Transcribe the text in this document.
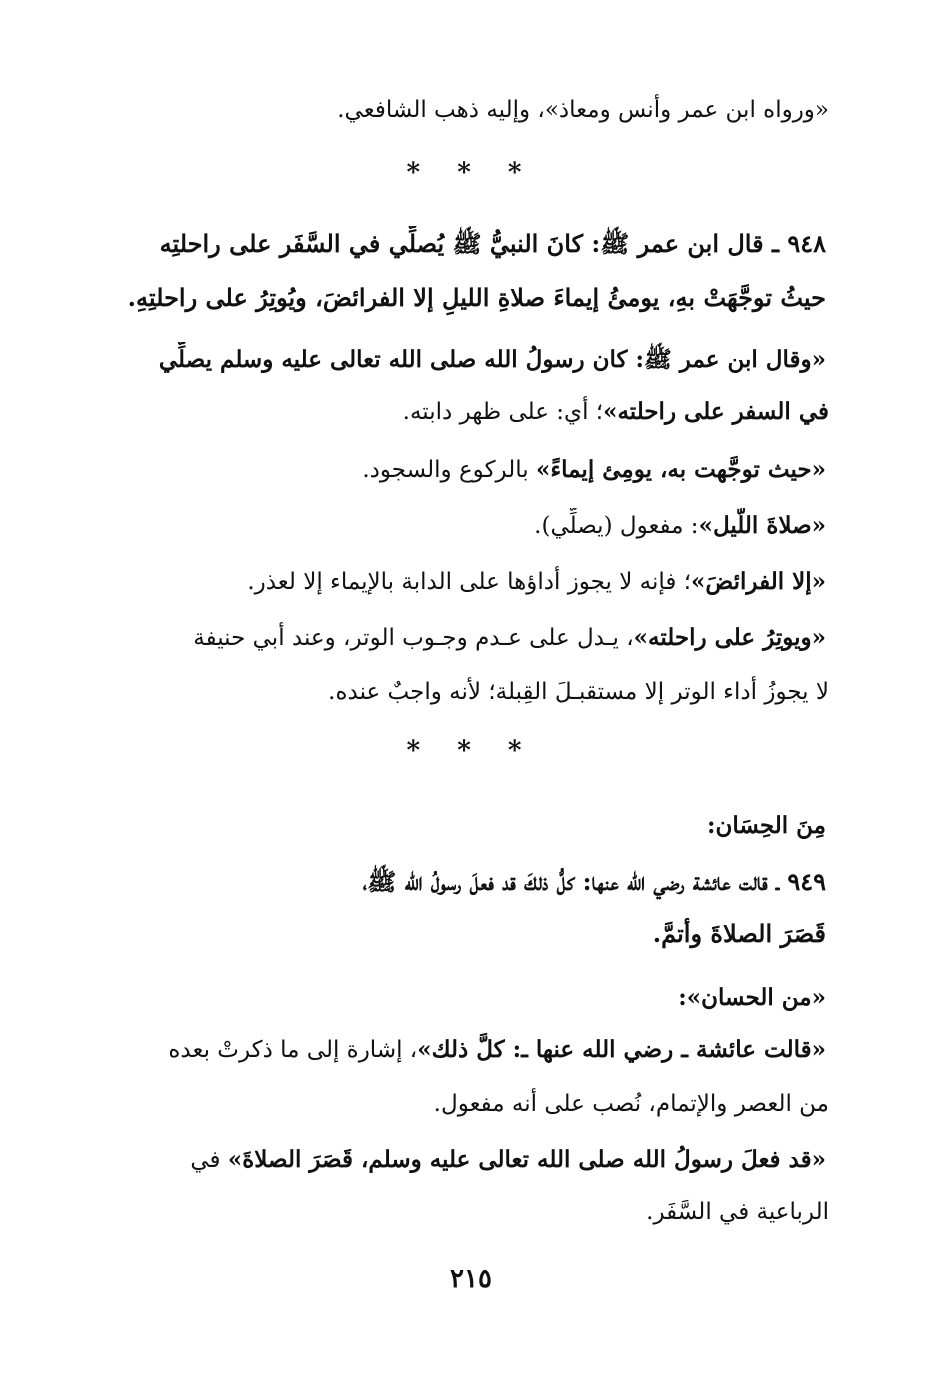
«ورواه ابن عمر وأنس ومعاذ»، وإليه ذهب الشافعي.
* * *
٩٤٨ ـ قال ابن عمر ﷺ: كانَ النبيُّ ﷺ يُصلِّي في السَّفَر على راحلتِه
حيثُ توجَّهَتْ بهِ، يومئُ إيماءَ صلاةِ الليلِ إلا الفرائضَ، ويُوتِرُ على راحلتِهِ.
«وقال ابن عمر ﷺ: كان رسولُ الله صلى الله تعالى عليه وسلم يصلِّي
في السفر على راحلته»؛ أي: على ظهر دابته.
«حيث توجَّهت به، يومِئ إيماءً» بالركوع والسجود.
«صلاةَ اللَّيل»: مفعول (يصلِّي).
«إلا الفرائضَ»؛ فإنه لا يجوز أداؤها على الدابة بالإيماء إلا لعذر.
«ويوتِرُ على راحلته»، يـدل على عـدم وجـوب الوتر، وعند أبي حنيفة
لا يجوزُ أداء الوتر إلا مستقبـلَ القِبلة؛ لأنه واجبٌ عنده.
* * *
مِنَ الحِسَان:
٩٤٩ ـ قالت عائشة رضي الله عنها: كلُّ ذلكَ قد فعلَ رسولُ الله ﷺ،
قَصَرَ الصلاةَ وأتمَّ.
«من الحسان»:
«قالت عائشة ـ رضي الله عنها ـ: كلَّ ذلك»، إشارة إلى ما ذكرتْ بعده
من العصر والإتمام، نُصب على أنه مفعول.
«قد فعلَ رسولُ الله صلى الله تعالى عليه وسلم، قَصَرَ الصلاةَ» في
الرباعية في السَّفَر.
٢١٥
